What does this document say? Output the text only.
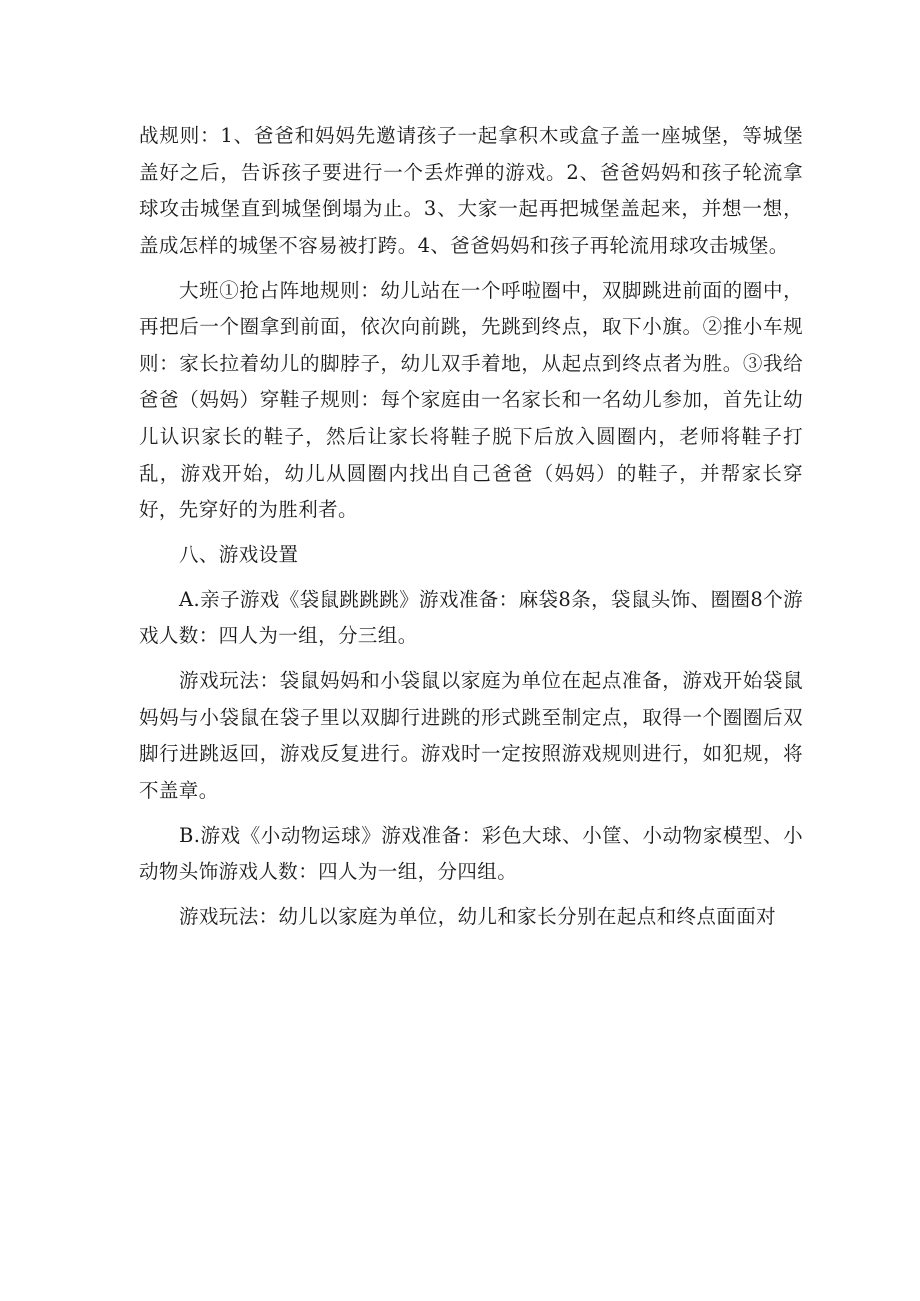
战规则：1、爸爸和妈妈先邀请孩子一起拿积木或盒子盖一座城堡，等城堡盖好之后，告诉孩子要进行一个丢炸弹的游戏。2、爸爸妈妈和孩子轮流拿球攻击城堡直到城堡倒塌为止。3、大家一起再把城堡盖起来，并想一想，盖成怎样的城堡不容易被打跨。4、爸爸妈妈和孩子再轮流用球攻击城堡。

大班①抢占阵地规则：幼儿站在一个呼啦圈中，双脚跳进前面的圈中，再把后一个圈拿到前面，依次向前跳，先跳到终点，取下小旗。②推小车规则：家长拉着幼儿的脚脖子，幼儿双手着地，从起点到终点者为胜。③我给爸爸（妈妈）穿鞋子规则：每个家庭由一名家长和一名幼儿参加，首先让幼儿认识家长的鞋子，然后让家长将鞋子脱下后放入圆圈内，老师将鞋子打乱，游戏开始，幼儿从圆圈内找出自己爸爸（妈妈）的鞋子，并帮家长穿好，先穿好的为胜利者。

八、游戏设置

A.亲子游戏《袋鼠跳跳跳》游戏准备：麻袋8条，袋鼠头饰、圈圈8个游戏人数：四人为一组，分三组。

游戏玩法：袋鼠妈妈和小袋鼠以家庭为单位在起点准备，游戏开始袋鼠妈妈与小袋鼠在袋子里以双脚行进跳的形式跳至制定点，取得一个圈圈后双脚行进跳返回，游戏反复进行。游戏时一定按照游戏规则进行，如犯规，将不盖章。

B.游戏《小动物运球》游戏准备：彩色大球、小筐、小动物家模型、小动物头饰游戏人数：四人为一组，分四组。

游戏玩法：幼儿以家庭为单位，幼儿和家长分别在起点和终点面面对
